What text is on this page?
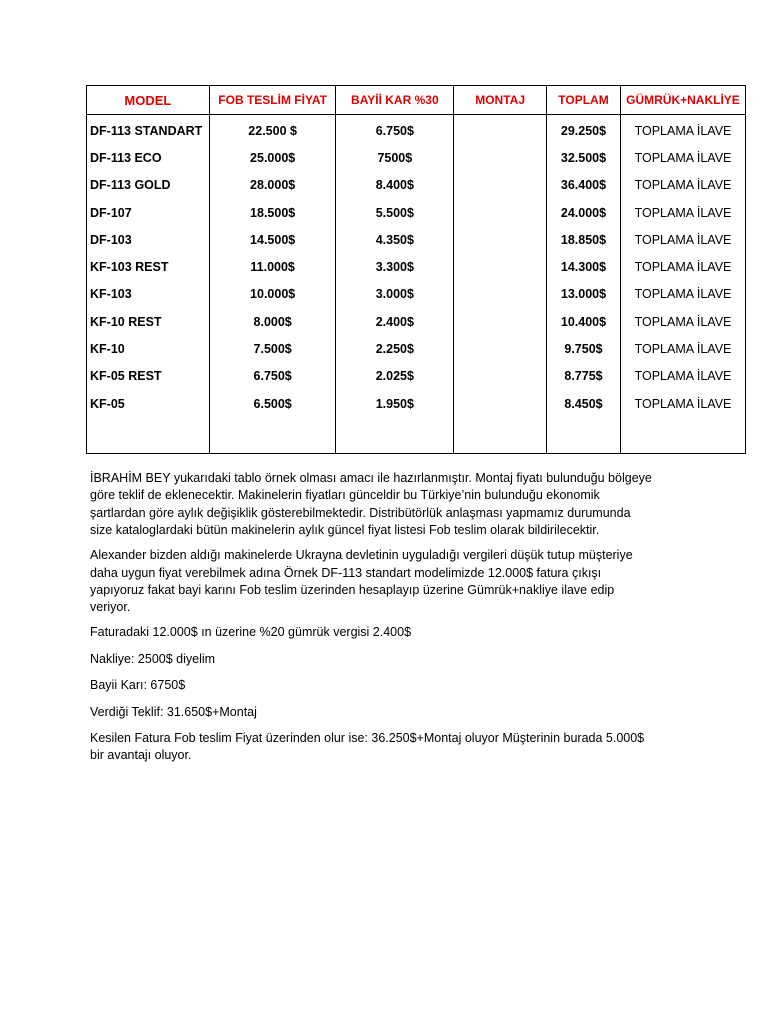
MODEL	FOB TESLİM FİYAT	BAYİİ KAR %30	MONTAJ	TOPLAM	GÜMRÜK+NAKLİYE
DF-113 STANDART	22.500 $	6.750$		29.250$	TOPLAMA İLAVE
DF-113 ECO	25.000$	7500$		32.500$	TOPLAMA İLAVE
DF-113 GOLD	28.000$	8.400$		36.400$	TOPLAMA İLAVE
DF-107	18.500$	5.500$		24.000$	TOPLAMA İLAVE
DF-103	14.500$	4.350$		18.850$	TOPLAMA İLAVE
KF-103 REST	11.000$	3.300$		14.300$	TOPLAMA İLAVE
KF-103	10.000$	3.000$		13.000$	TOPLAMA İLAVE
KF-10 REST	8.000$	2.400$		10.400$	TOPLAMA İLAVE
KF-10	7.500$	2.250$		9.750$	TOPLAMA İLAVE
KF-05 REST	6.750$	2.025$		8.775$	TOPLAMA İLAVE
KF-05	6.500$	1.950$		8.450$	TOPLAMA İLAVE

İBRAHİM BEY yukarıdaki tablo örnek olması amacı ile hazırlanmıştır. Montaj fiyatı bulunduğu bölgeye
göre teklif de eklenecektir. Makinelerin fiyatları günceldir bu Türkiye’nin bulunduğu ekonomik
şartlardan göre aylık değişiklik gösterebilmektedir. Distribütörlük anlaşması yapmamız durumunda
size kataloglardaki bütün makinelerin aylık güncel fiyat listesi Fob teslim olarak bildirilecektir.

Alexander bizden aldığı makinelerde Ukrayna devletinin uyguladığı vergileri düşük tutup müşteriye
daha uygun fiyat verebilmek adına Örnek DF-113 standart modelimizde 12.000$ fatura çıkışı
yapıyoruz fakat bayi karını Fob teslim üzerinden hesaplayıp üzerine Gümrük+nakliye ilave edip
veriyor.

Faturadaki 12.000$ ın üzerine %20 gümrük vergisi 2.400$

Nakliye: 2500$ diyelim

Bayii Karı: 6750$

Verdiği Teklif: 31.650$+Montaj

Kesilen Fatura Fob teslim Fiyat üzerinden olur ise: 36.250$+Montaj oluyor Müşterinin burada 5.000$
bir avantajı oluyor.
